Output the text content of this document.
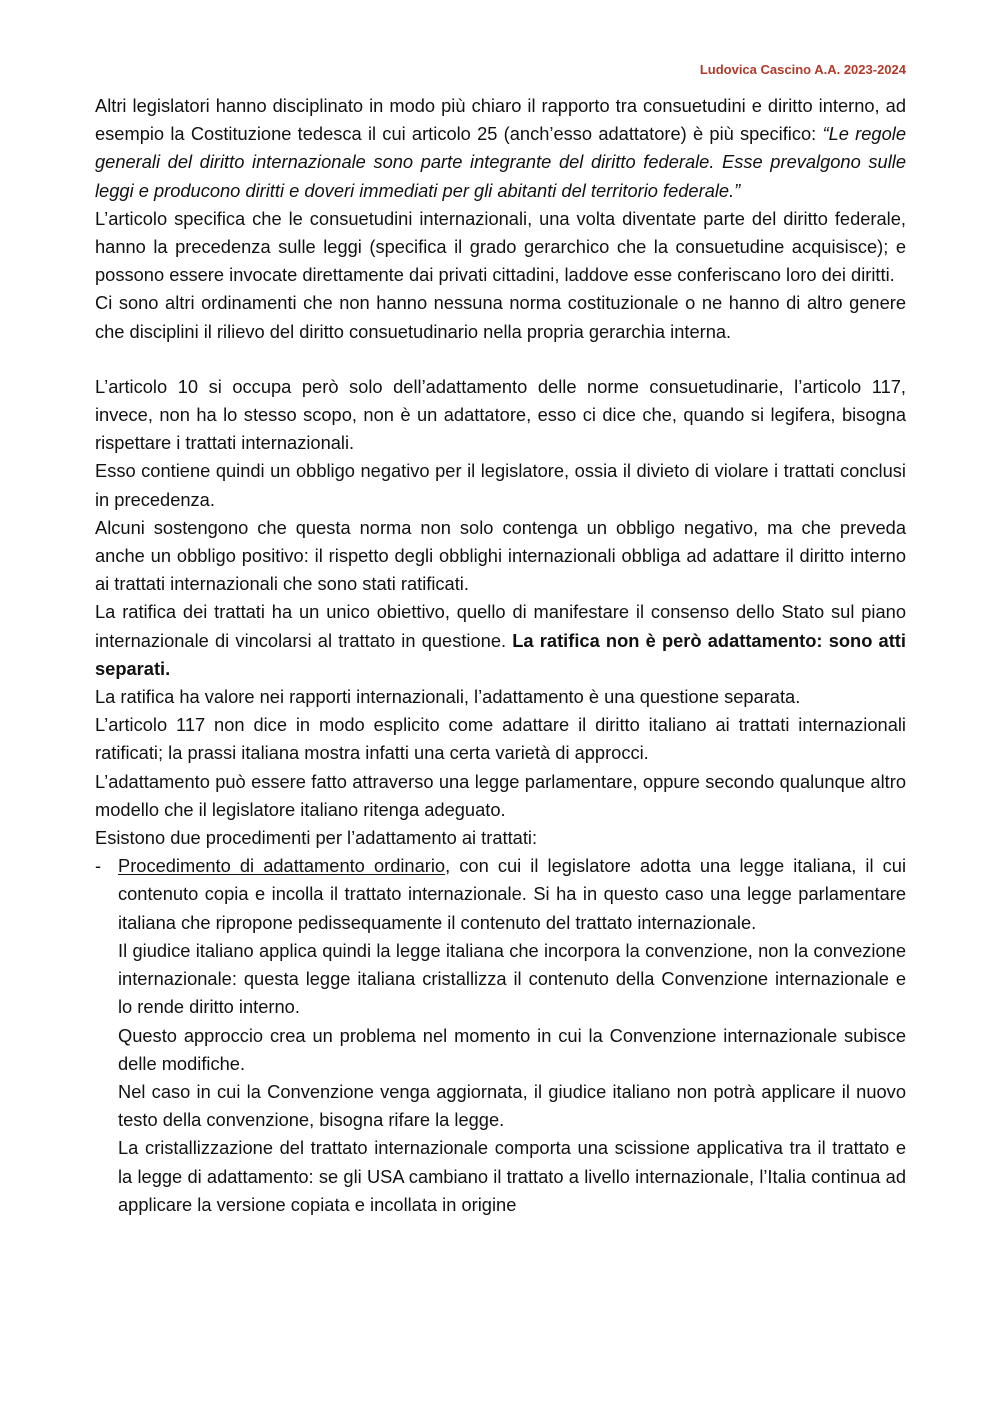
Ludovica Cascino A.A. 2023-2024

Altri legislatori hanno disciplinato in modo più chiaro il rapporto tra consuetudini e diritto interno, ad esempio la Costituzione tedesca il cui articolo 25 (anch’esso adattatore) è più specifico: “Le regole generali del diritto internazionale sono parte integrante del diritto federale. Esse prevalgono sulle leggi e producono diritti e doveri immediati per gli abitanti del territorio federale.”

L’articolo specifica che le consuetudini internazionali, una volta diventate parte del diritto federale, hanno la precedenza sulle leggi (specifica il grado gerarchico che la consuetudine acquisisce); e possono essere invocate direttamente dai privati cittadini, laddove esse conferiscano loro dei diritti.

Ci sono altri ordinamenti che non hanno nessuna norma costituzionale o ne hanno di altro genere che disciplini il rilievo del diritto consuetudinario nella propria gerarchia interna.

L’articolo 10 si occupa però solo dell’adattamento delle norme consuetudinarie, l’articolo 117, invece, non ha lo stesso scopo, non è un adattatore, esso ci dice che, quando si legifera, bisogna rispettare i trattati internazionali.

Esso contiene quindi un obbligo negativo per il legislatore, ossia il divieto di violare i trattati conclusi in precedenza.

Alcuni sostengono che questa norma non solo contenga un obbligo negativo, ma che preveda anche un obbligo positivo: il rispetto degli obblighi internazionali obbliga ad adattare il diritto interno ai trattati internazionali che sono stati ratificati.

La ratifica dei trattati ha un unico obiettivo, quello di manifestare il consenso dello Stato sul piano internazionale di vincolarsi al trattato in questione. La ratifica non è però adattamento: sono atti separati.

La ratifica ha valore nei rapporti internazionali, l’adattamento è una questione separata.

L’articolo 117 non dice in modo esplicito come adattare il diritto italiano ai trattati internazionali ratificati; la prassi italiana mostra infatti una certa varietà di approcci.

L’adattamento può essere fatto attraverso una legge parlamentare, oppure secondo qualunque altro modello che il legislatore italiano ritenga adeguato.

Esistono due procedimenti per l’adattamento ai trattati:

- Procedimento di adattamento ordinario, con cui il legislatore adotta una legge italiana, il cui contenuto copia e incolla il trattato internazionale. Si ha in questo caso una legge parlamentare italiana che ripropone pedissequamente il contenuto del trattato internazionale.

Il giudice italiano applica quindi la legge italiana che incorpora la convenzione, non la convezione internazionale: questa legge italiana cristallizza il contenuto della Convenzione internazionale e lo rende diritto interno.

Questo approccio crea un problema nel momento in cui la Convenzione internazionale subisce delle modifiche.

Nel caso in cui la Convenzione venga aggiornata, il giudice italiano non potrà applicare il nuovo testo della convenzione, bisogna rifare la legge.

La cristallizzazione del trattato internazionale comporta una scissione applicativa tra il trattato e la legge di adattamento: se gli USA cambiano il trattato a livello internazionale, l’Italia continua ad applicare la versione copiata e incollata in origine
